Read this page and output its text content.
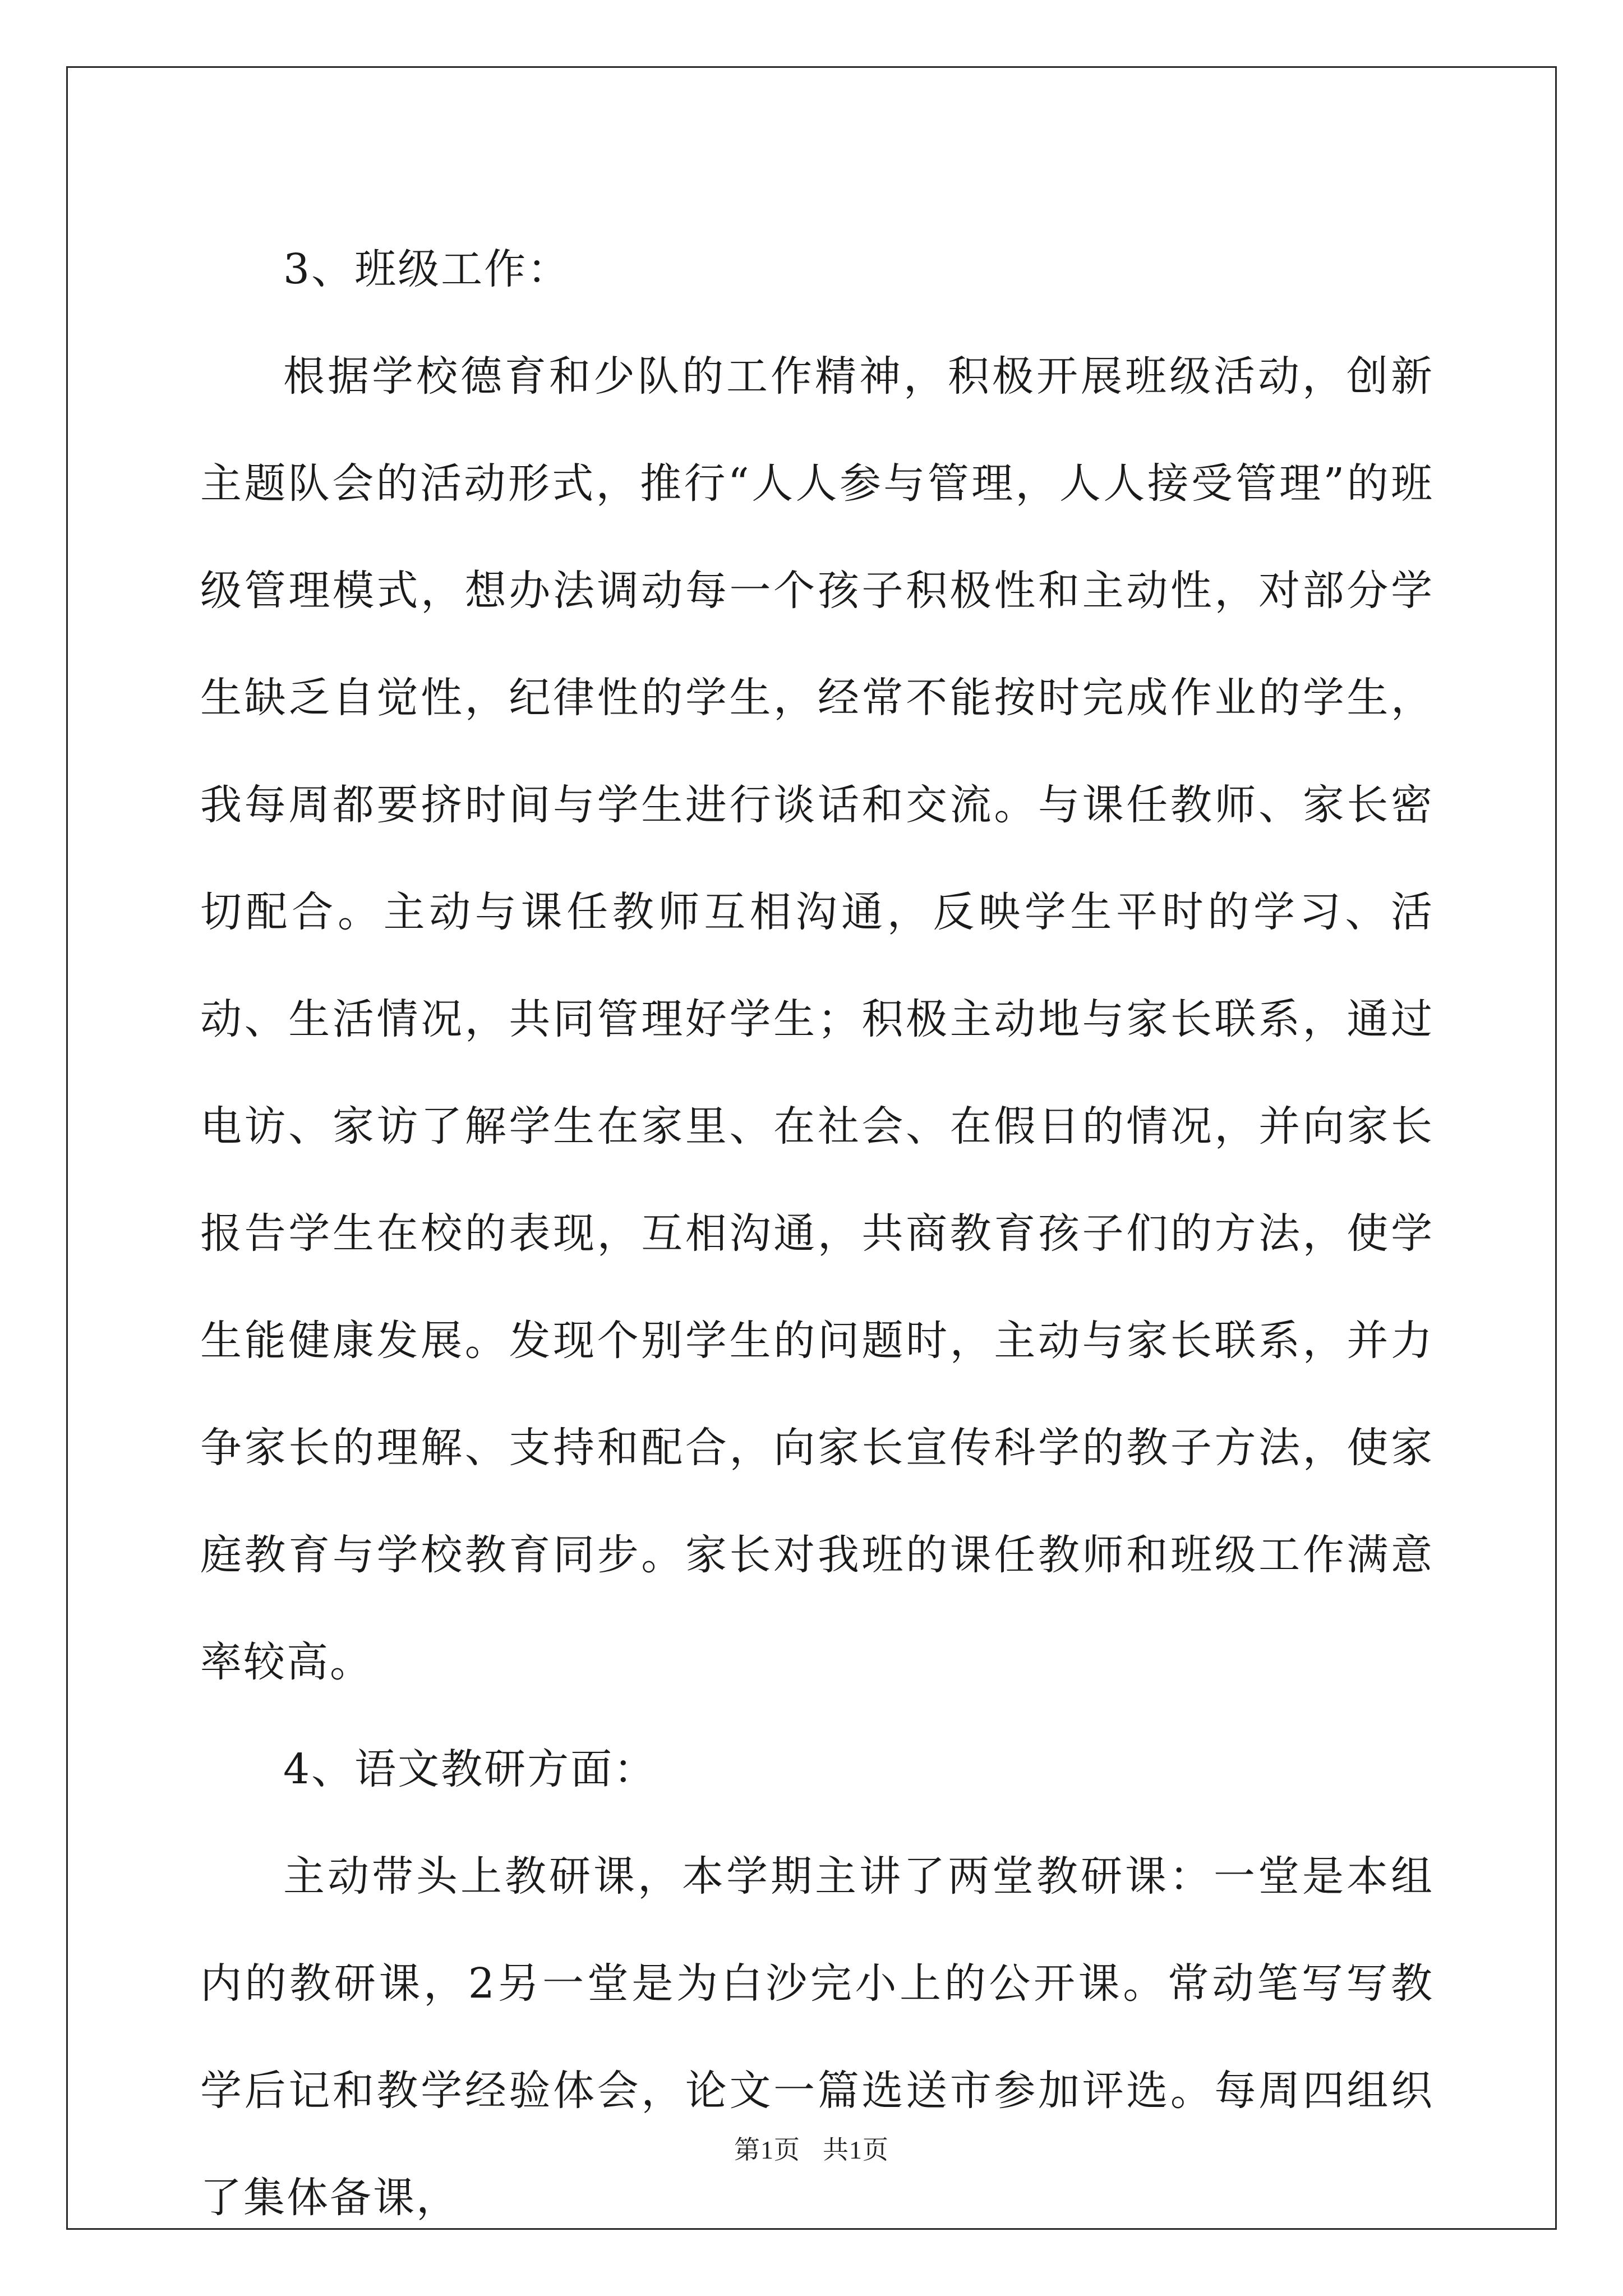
3、班级工作：

根据学校德育和少队的工作精神，积极开展班级活动，创新主题队会的活动形式，推行“人人参与管理，人人接受管理”的班级管理模式，想办法调动每一个孩子积极性和主动性，对部分学生缺乏自觉性，纪律性的学生，经常不能按时完成作业的学生，我每周都要挤时间与学生进行谈话和交流。与课任教师、家长密切配合。主动与课任教师互相沟通，反映学生平时的学习、活动、生活情况，共同管理好学生；积极主动地与家长联系，通过电访、家访了解学生在家里、在社会、在假日的情况，并向家长报告学生在校的表现，互相沟通，共商教育孩子们的方法，使学生能健康发展。发现个别学生的问题时，主动与家长联系，并力争家长的理解、支持和配合，向家长宣传科学的教子方法，使家庭教育与学校教育同步。家长对我班的课任教师和班级工作满意率较高。

4、语文教研方面：

主动带头上教研课，本学期主讲了两堂教研课：一堂是本组内的教研课，2另一堂是为白沙完小上的公开课。常动笔写写教学后记和教学经验体会，论文一篇选送市参加评选。每周四组织了集体备课，

第1页 共1页
